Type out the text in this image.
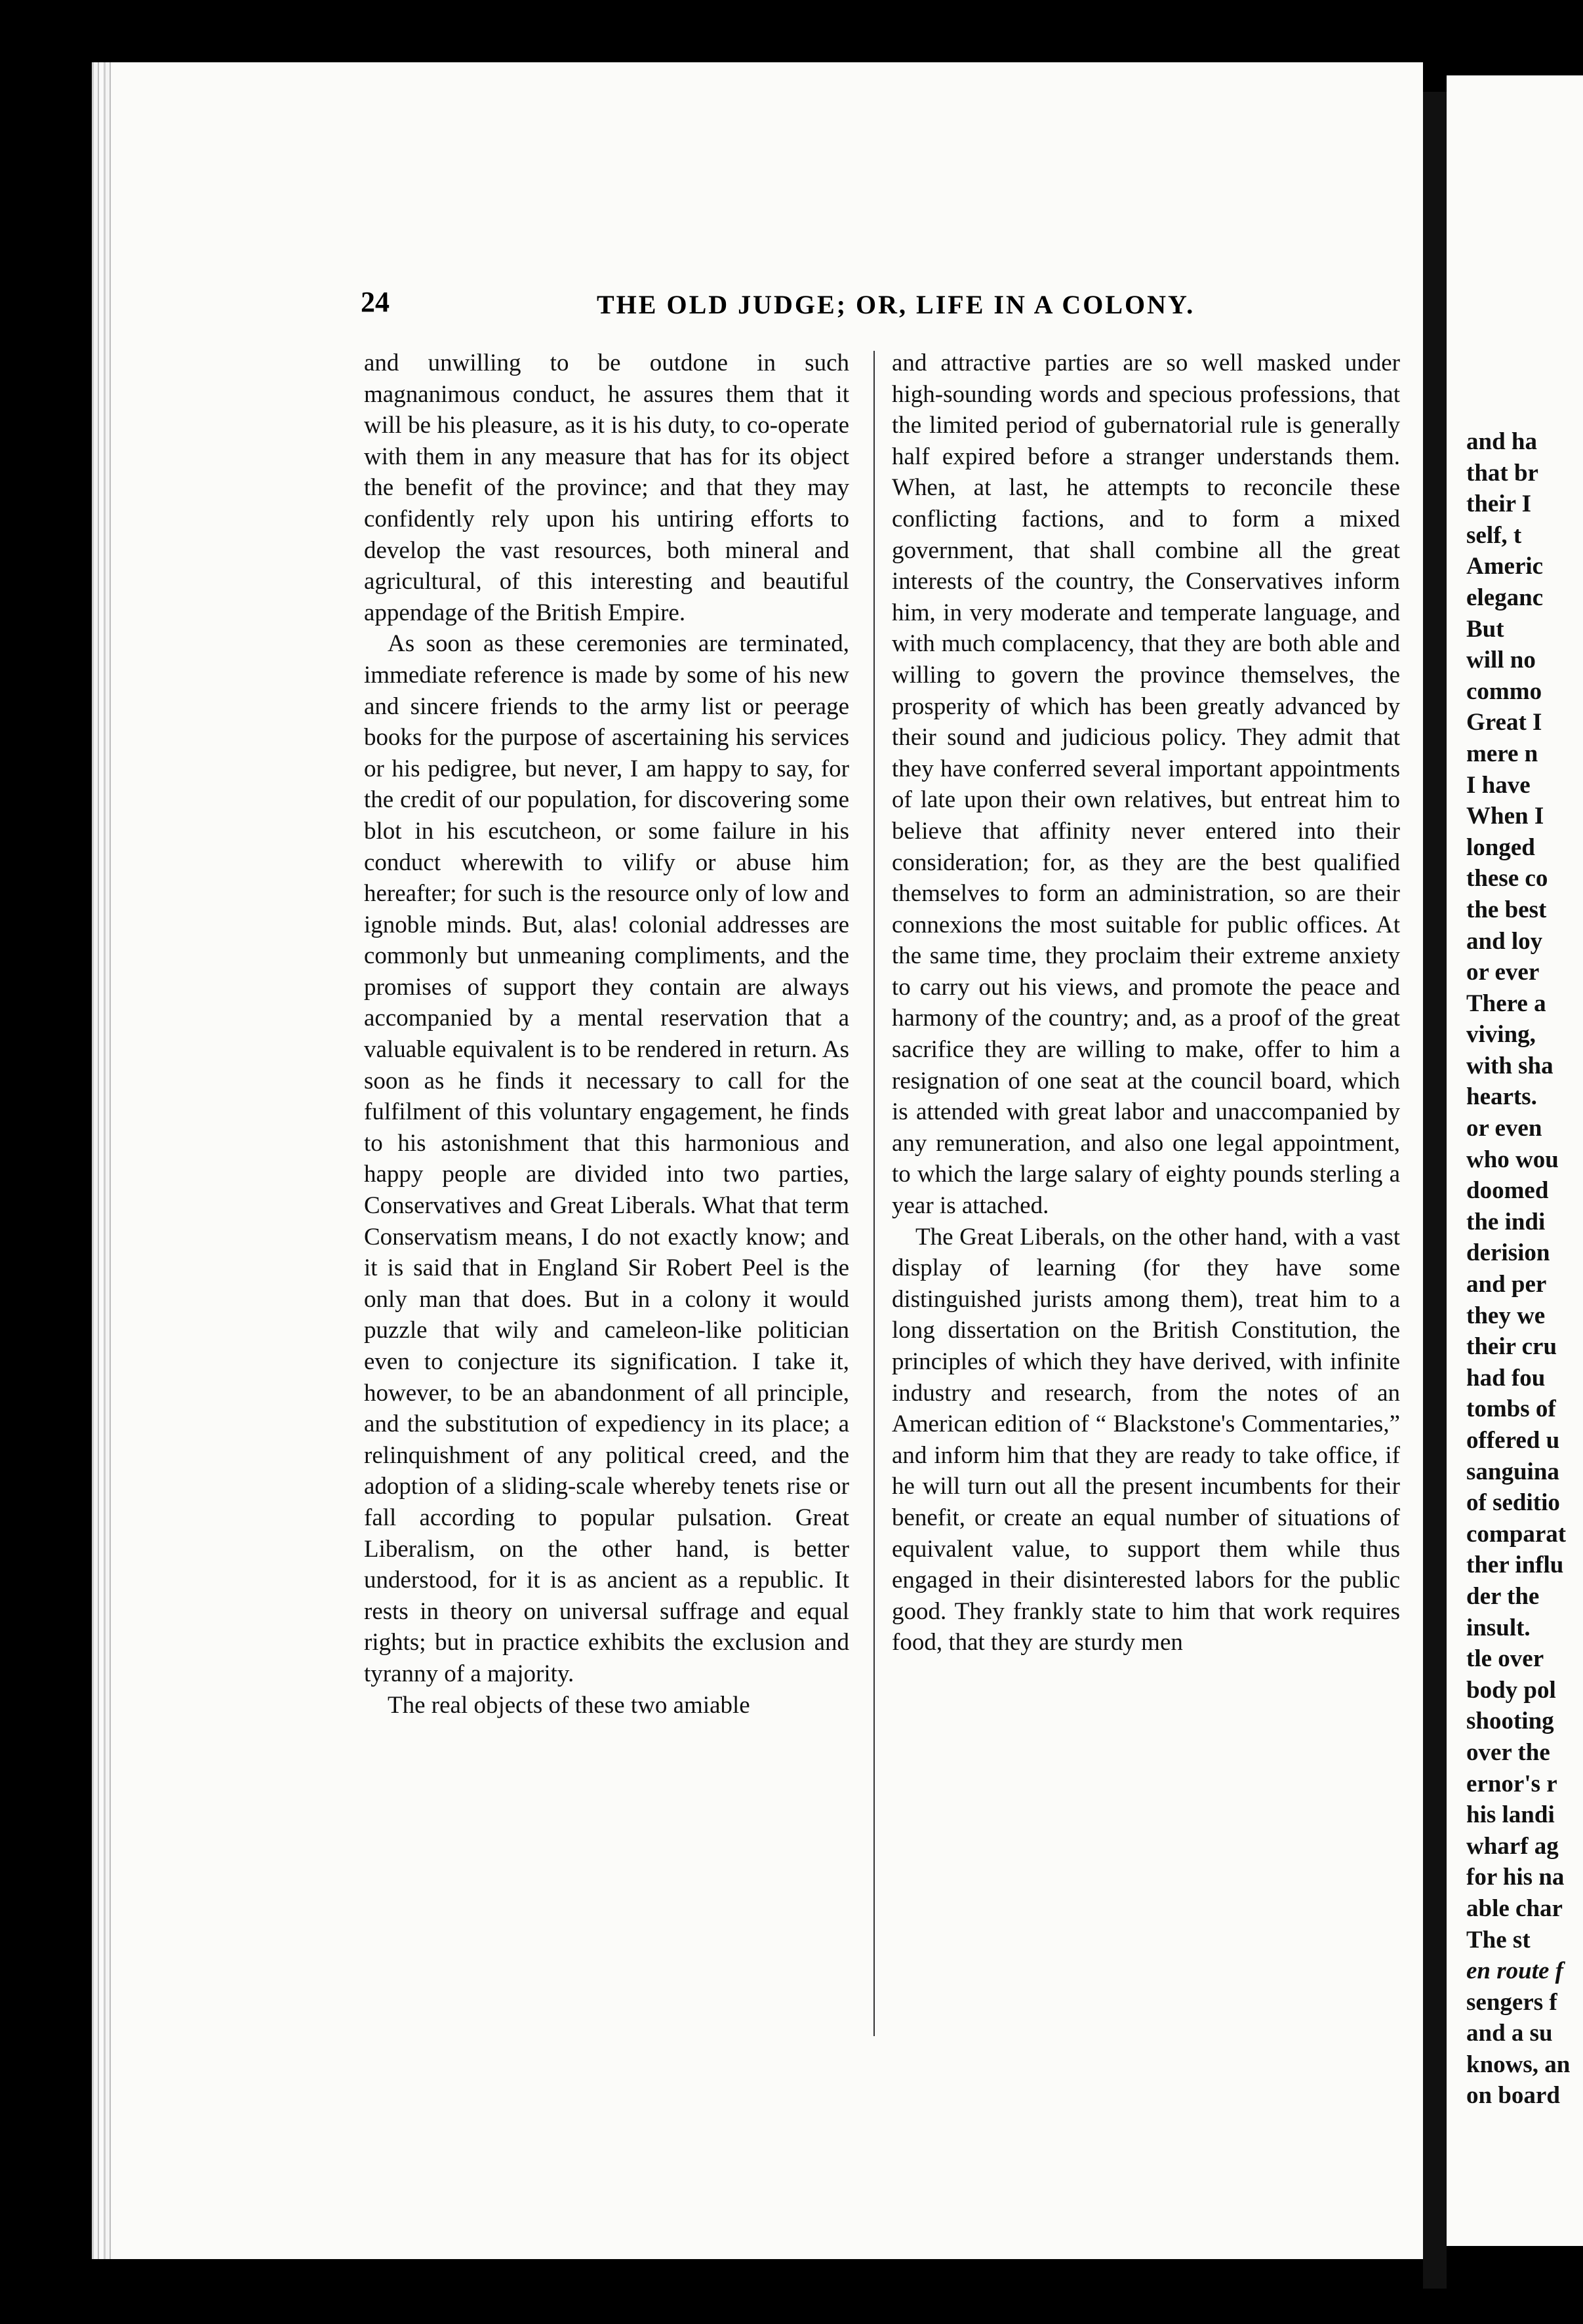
and ha
that br
their I
self, t
Americ
eleganc
But
will no
commo
Great I
mere n
I have
When I
longed
these co
the best
and loy
or ever
There a
viving,
with sha
hearts.
or even
who wou
doomed
the indi
derision
and per
they we
their cru
had fou
tombs of
offered u
sanguina
of seditio
comparat
ther influ
der the
insult.
tle over
body pol
shooting
over the
ernor's r
his landi
wharf ag
for his na
able char
The st
en route f
sengers f
and a su
knows, an
on board
24	THE OLD JUDGE; OR, LIFE IN A COLONY.

and unwilling to be outdone in such magnanimous conduct, he assures them that it will be his pleasure, as it is his duty, to co-operate with them in any measure that has for its object the benefit of the province; and that they may confidently rely upon his untiring efforts to develop the vast resources, both mineral and agricultural, of this interesting and beautiful appendage of the British Empire.

As soon as these ceremonies are terminated, immediate reference is made by some of his new and sincere friends to the army list or peerage books for the purpose of ascertaining his services or his pedigree, but never, I am happy to say, for the credit of our population, for discovering some blot in his escutcheon, or some failure in his conduct wherewith to vilify or abuse him hereafter; for such is the resource only of low and ignoble minds. But, alas! colonial addresses are commonly but unmeaning compliments, and the promises of support they contain are always accompanied by a mental reservation that a valuable equivalent is to be rendered in return. As soon as he finds it necessary to call for the fulfilment of this voluntary engagement, he finds to his astonishment that this harmonious and happy people are divided into two parties, Conservatives and Great Liberals. What that term Conservatism means, I do not exactly know; and it is said that in England Sir Robert Peel is the only man that does. But in a colony it would puzzle that wily and cameleon-like politician even to conjecture its signification. I take it, however, to be an abandonment of all principle, and the substitution of expediency in its place; a relinquishment of any political creed, and the adoption of a sliding-scale whereby tenets rise or fall according to popular pulsation. Great Liberalism, on the other hand, is better understood, for it is as ancient as a republic. It rests in theory on universal suffrage and equal rights; but in practice exhibits the exclusion and tyranny of a majority.

The real objects of these two amiable

and attractive parties are so well masked under high-sounding words and specious professions, that the limited period of gubernatorial rule is generally half expired before a stranger understands them. When, at last, he attempts to reconcile these conflicting factions, and to form a mixed government, that shall combine all the great interests of the country, the Conservatives inform him, in very moderate and temperate language, and with much complacency, that they are both able and willing to govern the province themselves, the prosperity of which has been greatly advanced by their sound and judicious policy. They admit that they have conferred several important appointments of late upon their own relatives, but entreat him to believe that affinity never entered into their consideration; for, as they are the best qualified themselves to form an administration, so are their connexions the most suitable for public offices. At the same time, they proclaim their extreme anxiety to carry out his views, and promote the peace and harmony of the country; and, as a proof of the great sacrifice they are willing to make, offer to him a resignation of one seat at the council board, which is attended with great labor and unaccompanied by any remuneration, and also one legal appointment, to which the large salary of eighty pounds sterling a year is attached.

The Great Liberals, on the other hand, with a vast display of learning (for they have some distinguished jurists among them), treat him to a long dissertation on the British Constitution, the principles of which they have derived, with infinite industry and research, from the notes of an American edition of “ Blackstone's Commentaries,” and inform him that they are ready to take office, if he will turn out all the present incumbents for their benefit, or create an equal number of situations of equivalent value, to support them while thus engaged in their disinterested labors for the public good. They frankly state to him that work requires food, that they are sturdy men
